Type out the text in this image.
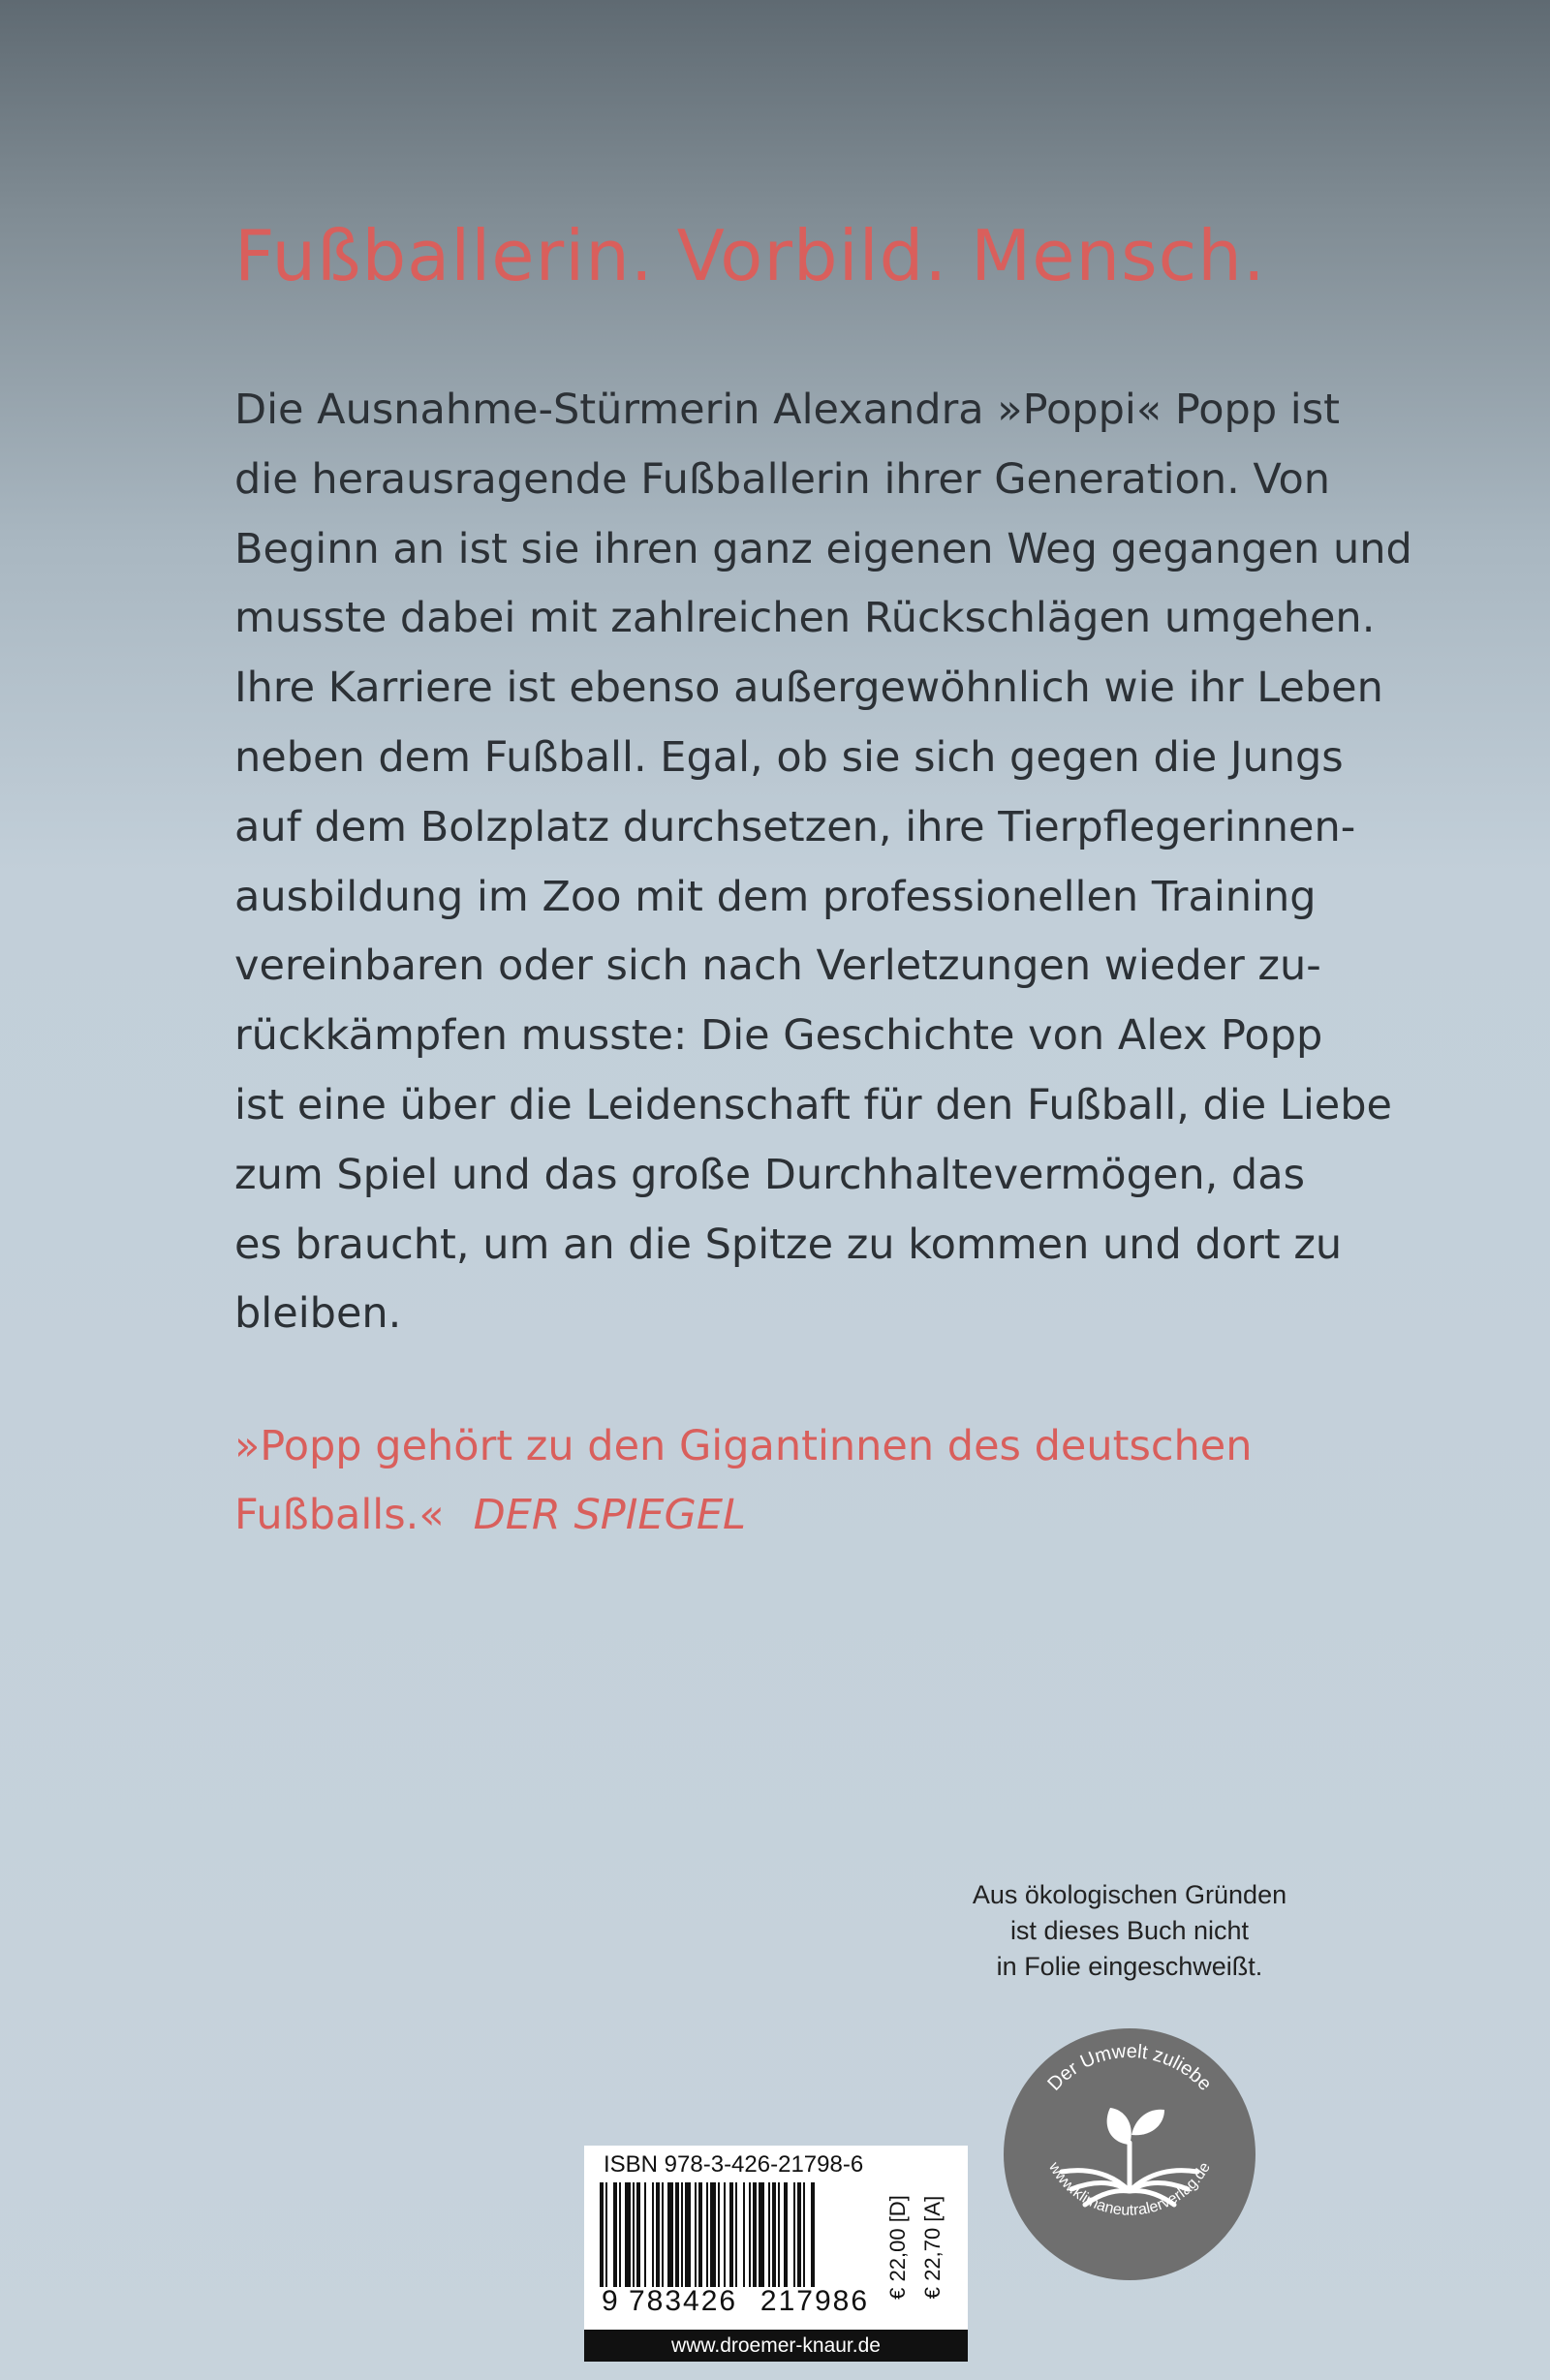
Fußballerin. Vorbild. Mensch.
Die Ausnahme-Stürmerin Alexandra »Poppi« Popp ist
die herausragende Fußballerin ihrer Generation. Von
Beginn an ist sie ihren ganz eigenen Weg gegangen und
musste dabei mit zahlreichen Rückschlägen umgehen.
Ihre Karriere ist ebenso außergewöhnlich wie ihr Leben
neben dem Fußball. Egal, ob sie sich gegen die Jungs
auf dem Bolzplatz durchsetzen, ihre Tierpflegerinnen-
ausbildung im Zoo mit dem professionellen Training
vereinbaren oder sich nach Verletzungen wieder zu-
rückkämpfen musste: Die Geschichte von Alex Popp
ist eine über die Leidenschaft für den Fußball, die Liebe
zum Spiel und das große Durchhaltevermögen, das
es braucht, um an die Spitze zu kommen und dort zu
bleiben.
»Popp gehört zu den Gigantinnen des deutschen
Fußballs.« DER SPIEGEL
Aus ökologischen Gründen
ist dieses Buch nicht
in Folie eingeschweißt.
Der Umwelt zuliebe
www.klimaneutralerverlag.de
ISBN 978-3-426-21798-6
9 783426 217986
€ 22,00 [D] € 22,70 [A]
www.droemer-knaur.de
